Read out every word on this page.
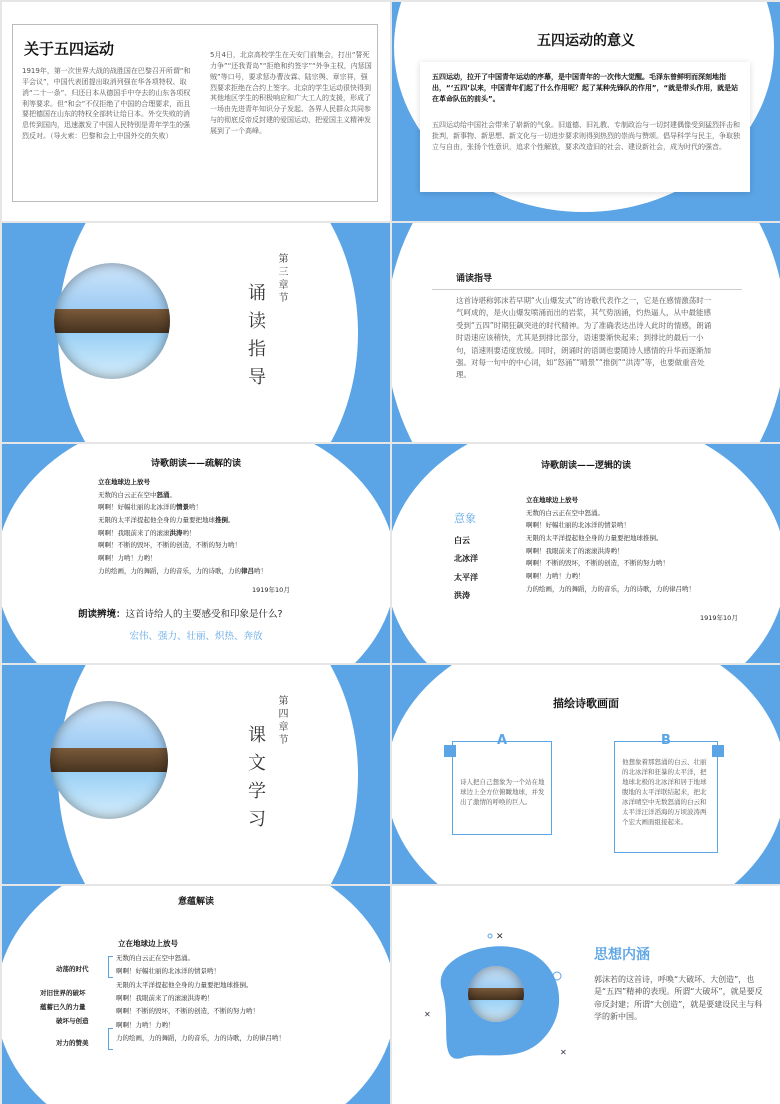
关于五四运动
1919年，第一次世界大战的战胜国在巴黎召开所谓“和平会议”，中国代表团提出取消列强在华各项特权、取消“二十一条”、归还日本从德国手中夺去的山东各项权利等要求。但“和会”不仅拒绝了中国的合理要求，而且要把德国在山东的特权全部转让给日本。外交失败的消息传到国内，迅速激发了中国人民特别是青年学生的强烈反对。（导火索：巴黎和会上中国外交的失败）
5月4日，北京高校学生在天安门前集会，打出“誓死力争”“还我青岛”“拒绝和约签字”“外争主权，内惩国贼”等口号，要求惩办曹汝霖、陆宗舆、章宗祥，强烈要求拒绝在合约上签字。北京的学生运动很快得到其他地区学生的积极响应和广大工人的支援，形成了一场由先进青年知识分子发起、各界人民群众共同参与的彻底反帝反封建的爱国运动，把爱国主义精神发展到了一个高峰。
五四运动的意义
五四运动，拉开了中国青年运动的序幕，是中国青年的一次伟大觉醒。毛泽东曾鲜明而深刻地指出，“‘五四’以来，中国青年们起了什么作用呢？起了某种先锋队的作用”，“就是带头作用，就是站在革命队伍的前头”。
五四运动给中国社会带来了崭新的气象。旧道德、旧礼教、专制政治与一切封建偶像受到猛烈抨击和批判，新事物、新思想、新文化与一切进步要求则得到热烈的崇尚与赞颂。倡导科学与民主，争取独立与自由，张扬个性意识，追求个性解放，要求改造旧的社会、建设新社会，成为时代的强音。
第三章节
诵读指导
诵读指导
这首诗堪称郭沫若早期“火山爆发式”的诗歌代表作之一，它是在感情激荡时一气呵成的，是火山爆发喷涌而出的岩浆，其气势汹涌，灼热逼人，从中最能感受到“五四”时期狂飙突进的时代精神。为了准确表达出诗人此时的情感，朗诵时语速应该稍快，尤其是到排比部分，语速要渐快起来；到排比的最后一小句，语速则要适度放缓。同时，朗诵时的语调也要随诗人感情的升华而逐渐加强。对每一句中的中心词，如“怒涌”“晴景”“推倒”“洪涛”等，也要做重音处理。
诗歌朗读——疏解的读
立在地球边上放号
无数的白云正在空中怒涌。
啊啊！好幅壮丽的北冰洋的情景哟！
无限的太平洋提起他全身的力量要把地球推倒。
啊啊！我眼前来了的滚滚洪涛哟！
啊啊！不断的毁坏，不断的创造，不断的努力哟！
啊啊！力哟！力哟！
力的绘画，力的舞蹈，力的音乐，力的诗歌，力的律吕哟！
1919年10月
朗读辨境：这首诗给人的主要感受和印象是什么?
宏伟、强力、壮丽、炽热、奔放
诗歌朗读——逻辑的读
意象
白云
北冰洋
太平洋
洪涛
立在地球边上放号
无数的白云正在空中怒涌。
啊啊！好幅壮丽的北冰洋的情景哟！
无限的太平洋提起他全身的力量要把地球推倒。
啊啊！我眼前来了的滚滚洪涛哟！
啊啊！不断的毁坏，不断的创造，不断的努力哟！
啊啊！力哟！力哟！
力的绘画，力的舞蹈，力的音乐，力的诗歌，力的律吕哟！
1919年10月
第四章节
课文学习
描绘诗歌画面
A
诗人把自己想象为一个站在地球边上全方位俯瞰地球，并发出了激情的呼唤的巨人。
B
他想象着那怒涌的白云、壮丽的北冰洋和狂暴的太平洋，把地球北极的北冰洋和居于地球腹地的太平洋联结起来，把北冰洋晴空中无数怒涌的白云和太平洋汪洋滔海的万顷波涛两个宏大画面组接起来。
意蕴解读
立在地球边上放号
动荡的时代
对旧世界的破坏
蕴蓄已久的力量
破坏与创造
对力的赞美
无数的白云正在空中怒涌。
啊啊！好幅壮丽的北冰洋的情景哟！
无限的太平洋提起他全身的力量要把地球推倒。
啊啊！我眼前来了的滚滚洪涛哟！
啊啊！不断的毁坏，不断的创造，不断的努力哟！
啊啊！力哟！力哟！
力的绘画，力的舞蹈，力的音乐，力的诗歌，力的律吕哟！
✕
✕
✕
思想内涵
郭沫若的这首诗，呼唤“大破坏、大创造”，也是“五四”精神的表现。所谓“大破坏”，就是要反帝反封建；所谓“大创造”，就是要建设民主与科学的新中国。
